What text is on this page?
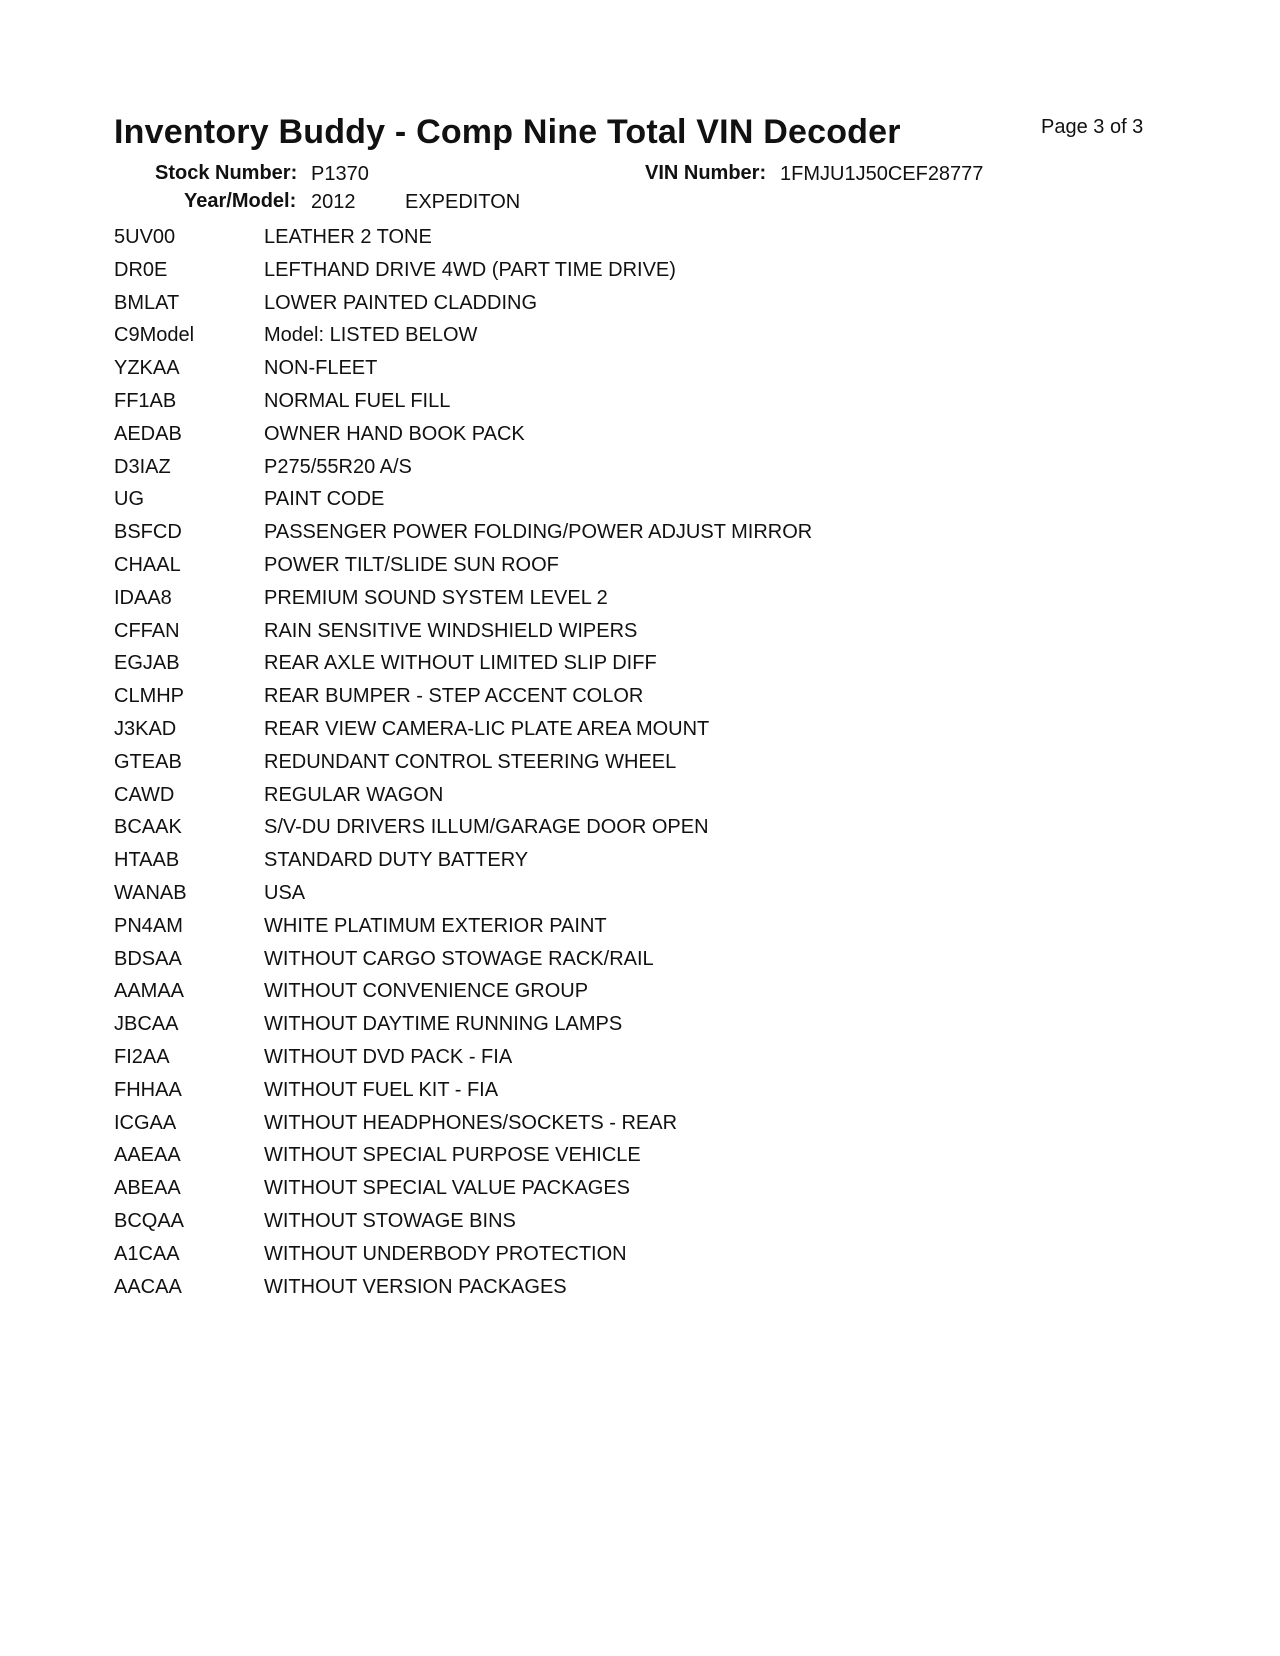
Inventory Buddy - Comp Nine Total VIN Decoder	Page 3 of 3
Stock Number: P1370	VIN Number: 1FMJU1J50CEF28777
Year/Model: 2012 EXPEDITON
5UV00	LEATHER 2 TONE
DR0E	LEFTHAND DRIVE 4WD (PART TIME DRIVE)
BMLAT	LOWER PAINTED CLADDING
C9Model	Model: LISTED BELOW
YZKAA	NON-FLEET
FF1AB	NORMAL FUEL FILL
AEDAB	OWNER HAND BOOK PACK
D3IAZ	P275/55R20 A/S
UG	PAINT CODE
BSFCD	PASSENGER POWER FOLDING/POWER ADJUST MIRROR
CHAAL	POWER TILT/SLIDE SUN ROOF
IDAA8	PREMIUM SOUND SYSTEM LEVEL 2
CFFAN	RAIN SENSITIVE WINDSHIELD WIPERS
EGJAB	REAR AXLE WITHOUT LIMITED SLIP DIFF
CLMHP	REAR BUMPER - STEP ACCENT COLOR
J3KAD	REAR VIEW CAMERA-LIC PLATE AREA MOUNT
GTEAB	REDUNDANT CONTROL STEERING WHEEL
CAWD	REGULAR WAGON
BCAAK	S/V-DU DRIVERS ILLUM/GARAGE DOOR OPEN
HTAAB	STANDARD DUTY BATTERY
WANAB	USA
PN4AM	WHITE PLATIMUM EXTERIOR PAINT
BDSAA	WITHOUT CARGO STOWAGE RACK/RAIL
AAMAA	WITHOUT CONVENIENCE GROUP
JBCAA	WITHOUT DAYTIME RUNNING LAMPS
FI2AA	WITHOUT DVD PACK - FIA
FHHAA	WITHOUT FUEL KIT - FIA
ICGAA	WITHOUT HEADPHONES/SOCKETS - REAR
AAEAA	WITHOUT SPECIAL PURPOSE VEHICLE
ABEAA	WITHOUT SPECIAL VALUE PACKAGES
BCQAA	WITHOUT STOWAGE BINS
A1CAA	WITHOUT UNDERBODY PROTECTION
AACAA	WITHOUT VERSION PACKAGES
